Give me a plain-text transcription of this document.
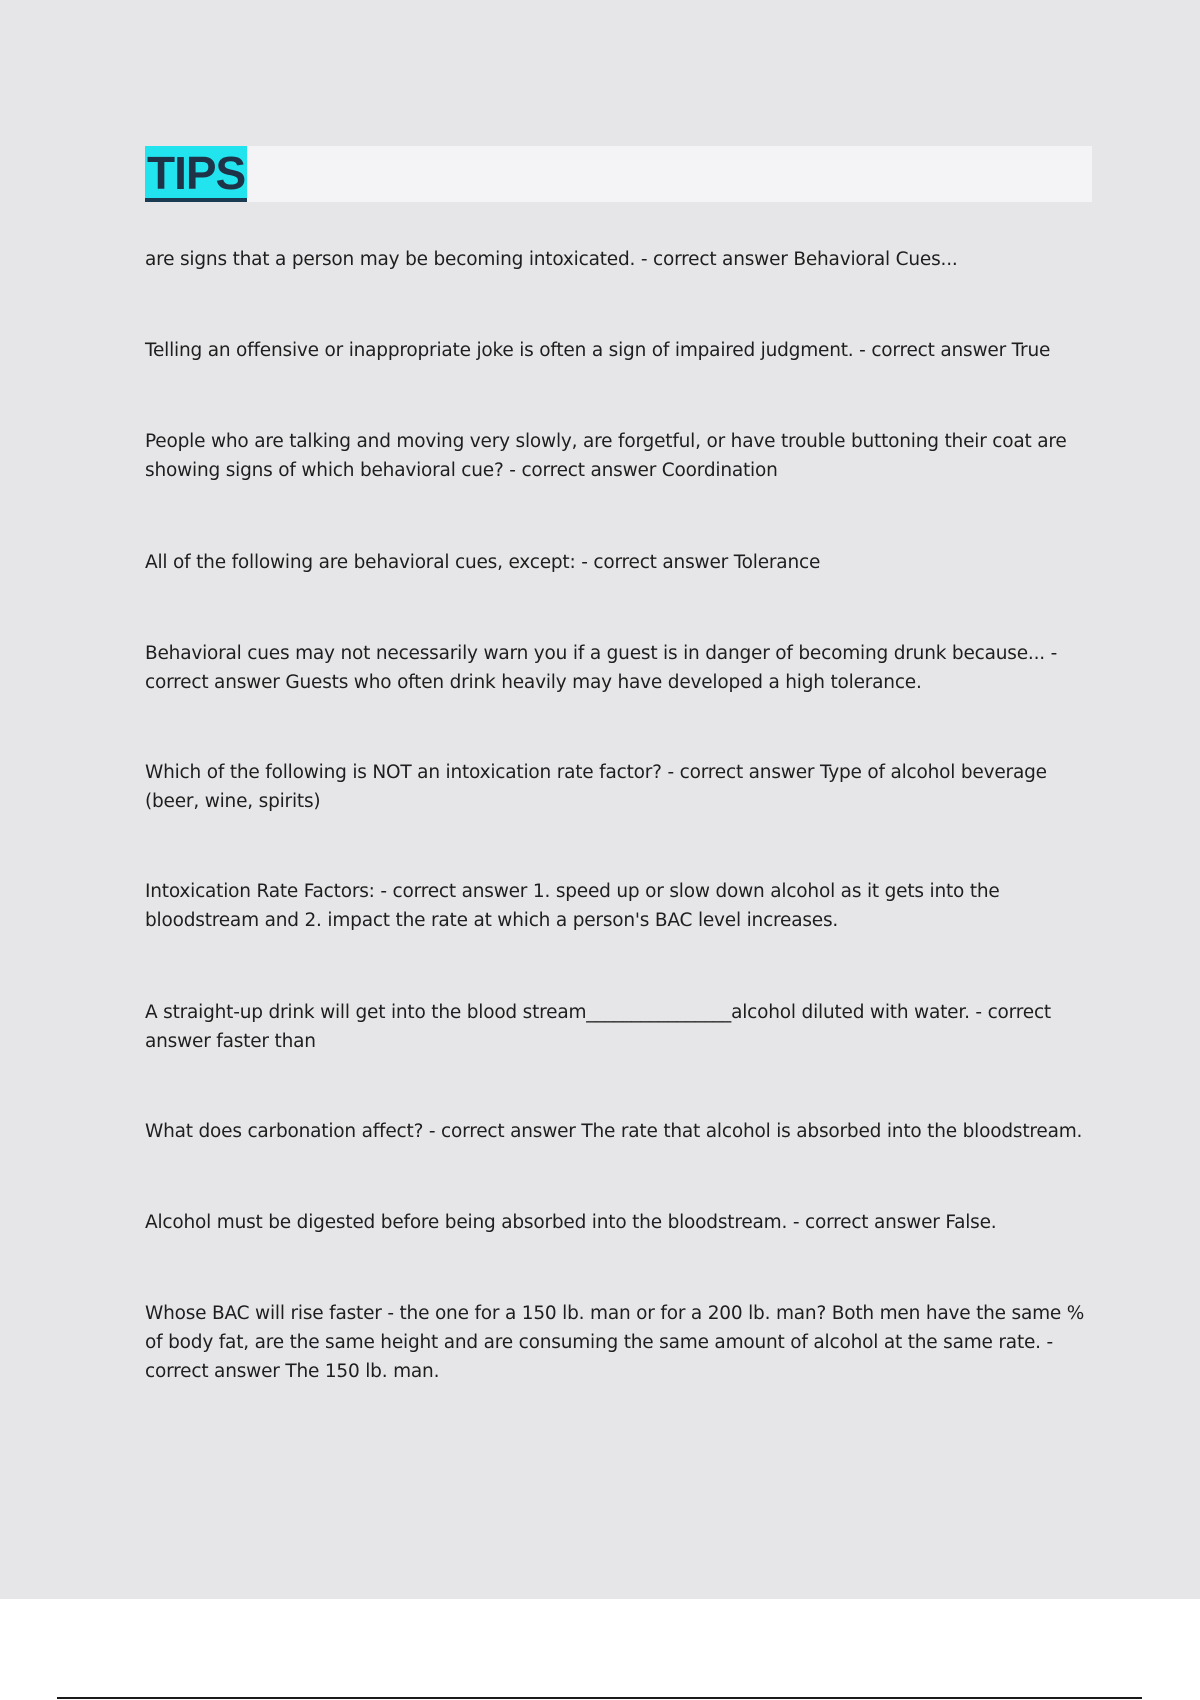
TIPS

are signs that a person may be becoming intoxicated. - correct answer Behavioral Cues...

Telling an offensive or inappropriate joke is often a sign of impaired judgment. - correct answer True

People who are talking and moving very slowly, are forgetful, or have trouble buttoning their coat are showing signs of which behavioral cue? - correct answer Coordination

All of the following are behavioral cues, except: - correct answer Tolerance

Behavioral cues may not necessarily warn you if a guest is in danger of becoming drunk because... - correct answer Guests who often drink heavily may have developed a high tolerance.

Which of the following is NOT an intoxication rate factor? - correct answer Type of alcohol beverage (beer, wine, spirits)

Intoxication Rate Factors: - correct answer 1. speed up or slow down alcohol as it gets into the bloodstream and 2. impact the rate at which a person's BAC level increases.

A straight-up drink will get into the blood stream________________alcohol diluted with water. - correct answer faster than

What does carbonation affect? - correct answer The rate that alcohol is absorbed into the bloodstream.

Alcohol must be digested before being absorbed into the bloodstream. - correct answer False.

Whose BAC will rise faster - the one for a 150 lb. man or for a 200 lb. man? Both men have the same % of body fat, are the same height and are consuming the same amount of alcohol at the same rate. - correct answer The 150 lb. man.
